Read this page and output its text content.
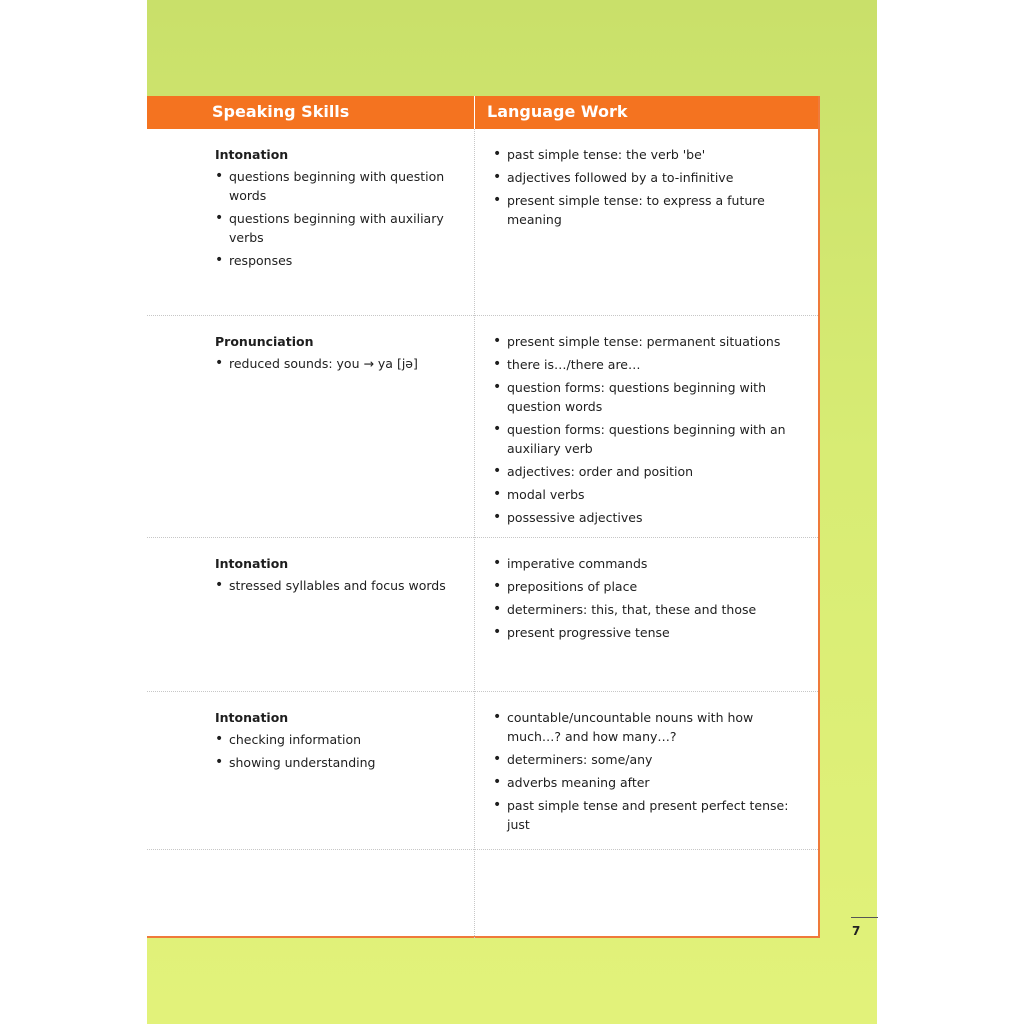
Speaking Skills	Language Work

Intonation

• questions beginning with question words
• questions beginning with auxiliary verbs
• responses
• past simple tense: the verb 'be'
• adjectives followed by a to-infinitive
• present simple tense: to express a future meaning

Pronunciation

• reduced sounds: you → ya [jə]
• present simple tense: permanent situations
• there is…/there are…
• question forms: questions beginning with question words
• question forms: questions beginning with an auxiliary verb
• adjectives: order and position
• modal verbs
• possessive adjectives

Intonation

• stressed syllables and focus words
• imperative commands
• prepositions of place
• determiners: this, that, these and those
• present progressive tense

Intonation

• checking information
• showing understanding
• countable/uncountable nouns with how much…? and how many…?
• determiners: some/any
• adverbs meaning after
• past simple tense and present perfect tense: just
7
